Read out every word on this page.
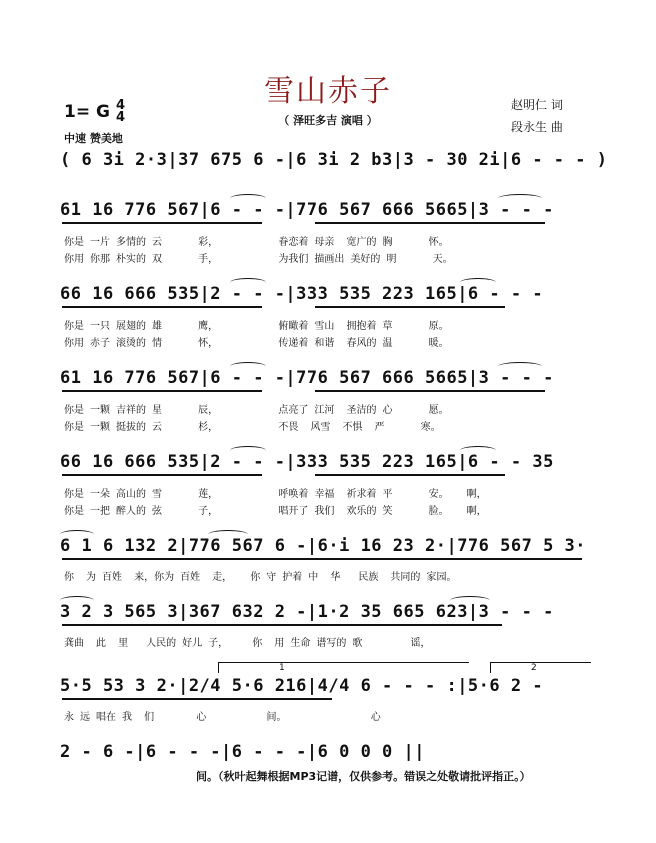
雪山赤子
（ 泽旺多吉 演唱 ）
赵明仁 词
段永生 曲
1= G 4
4
中速 赞美地
( 6 3i 2·3|37 675 6 -|6 3i 2 b3|3 - 30 2i|6 - - - )
61 16 776 567|6 - - -|776 567 666 5665|3 - - -
你是 一片 多情的 云      彩，          眷恋着 母亲  宽广的 胸      怀。
你用 你那 朴实的 双      手，          为我们 描画出 美好的 明      天。
66 16 666 535|2 - - -|333 535 223 165|6 - - -
你是 一只 展翅的 雄      鹰，          俯瞰着 雪山  拥抱着 草      原。
你用 赤子 滚烫的 情      怀，          传递着 和谐  春风的 温      暖。
61 16 776 567|6 - - -|776 567 666 5665|3 - - -
你是 一颗 吉祥的 星      辰，          点亮了 江河  圣洁的 心      愿。
你是 一颗 挺拔的 云      杉，          不畏  风雪  不惧  严      寒。
66 16 666 535|2 - - -|333 535 223 165|6 - - 35
你是 一朵 高山的 雪      莲，          呼唤着 幸福  祈求着 平      安。   啊，
你是 一把 醉人的 弦      子，          唱开了 我们  欢乐的 笑      脸。   啊，
6 1 6 132 2|776 567 6 -|6·i 16 23 2·|776 567 5 3·
你  为 百姓  来，你为 百姓  走，   你 守 护着 中  华   民族  共同的 家园。
3 2 3 565 3|367 632 2 -|1·2 35 665 623|3 - - -
龚曲  此  里   人民的 好儿 子，    你  用 生命 谱写的 歌        谣，
1	2
5·5 53 3 2·|2/4 5·6 216|4/4 6 - - - :|5·6 2 -
永 远 唱在 我  们       心          间。              心
2 - 6 -|6 - - -|6 - - -|6 0 0 0 ||
间。（秋叶起舞根据MP3记谱，仅供参考。错误之处敬请批评指正。）
